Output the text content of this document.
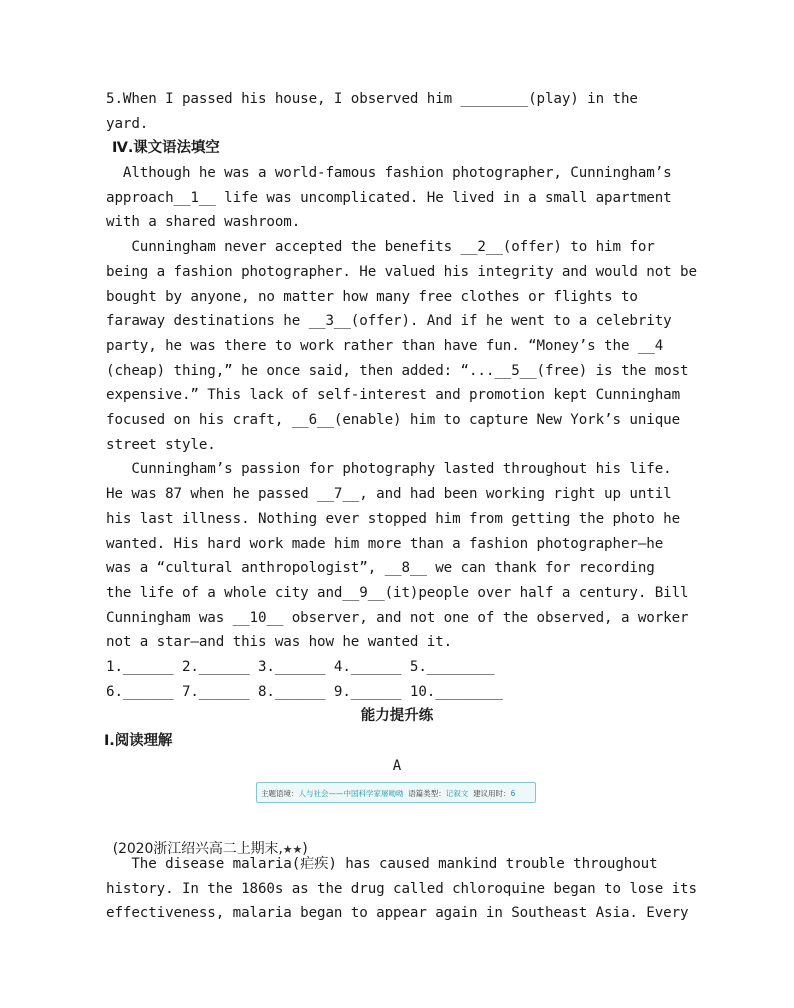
5.When I passed his house, I observed him ________(play) in the
yard.
Ⅳ.课文语法填空
Although he was a world-famous fashion photographer, Cunningham’s
approach__1__ life was uncomplicated. He lived in a small apartment
with a shared washroom.
Cunningham never accepted the benefits __2__(offer) to him for
being a fashion photographer. He valued his integrity and would not be
bought by anyone, no matter how many free clothes or flights to
faraway destinations he __3__(offer). And if he went to a celebrity
party, he was there to work rather than have fun. “Money’s the __4
(cheap) thing,” he once said, then added: “...__5__(free) is the most
expensive.” This lack of self-interest and promotion kept Cunningham
focused on his craft, __6__(enable) him to capture New York’s unique
street style.
Cunningham’s passion for photography lasted throughout his life.
He was 87 when he passed __7__, and had been working right up until
his last illness. Nothing ever stopped him from getting the photo he
wanted. His hard work made him more than a fashion photographer—he
was a “cultural anthropologist”, __8__ we can thank for recording
the life of a whole city and__9__(it)people over half a century. Bill
Cunningham was __10__ observer, and not one of the observed, a worker
not a star—and this was how he wanted it.
1.______ 2.______ 3.______ 4.______ 5.________
6.______ 7.______ 8.______ 9.______ 10.________
能力提升练
Ⅰ.阅读理解
A
主题语境：人与社会——中国科学家屠呦呦 语篇类型：记叙文 建议用时：6

(2020浙江绍兴高二上期末,★★)

The disease malaria(疟疾) has caused mankind trouble throughout
history. In the 1860s as the drug called chloroquine began to lose its
effectiveness, malaria began to appear again in Southeast Asia. Every
